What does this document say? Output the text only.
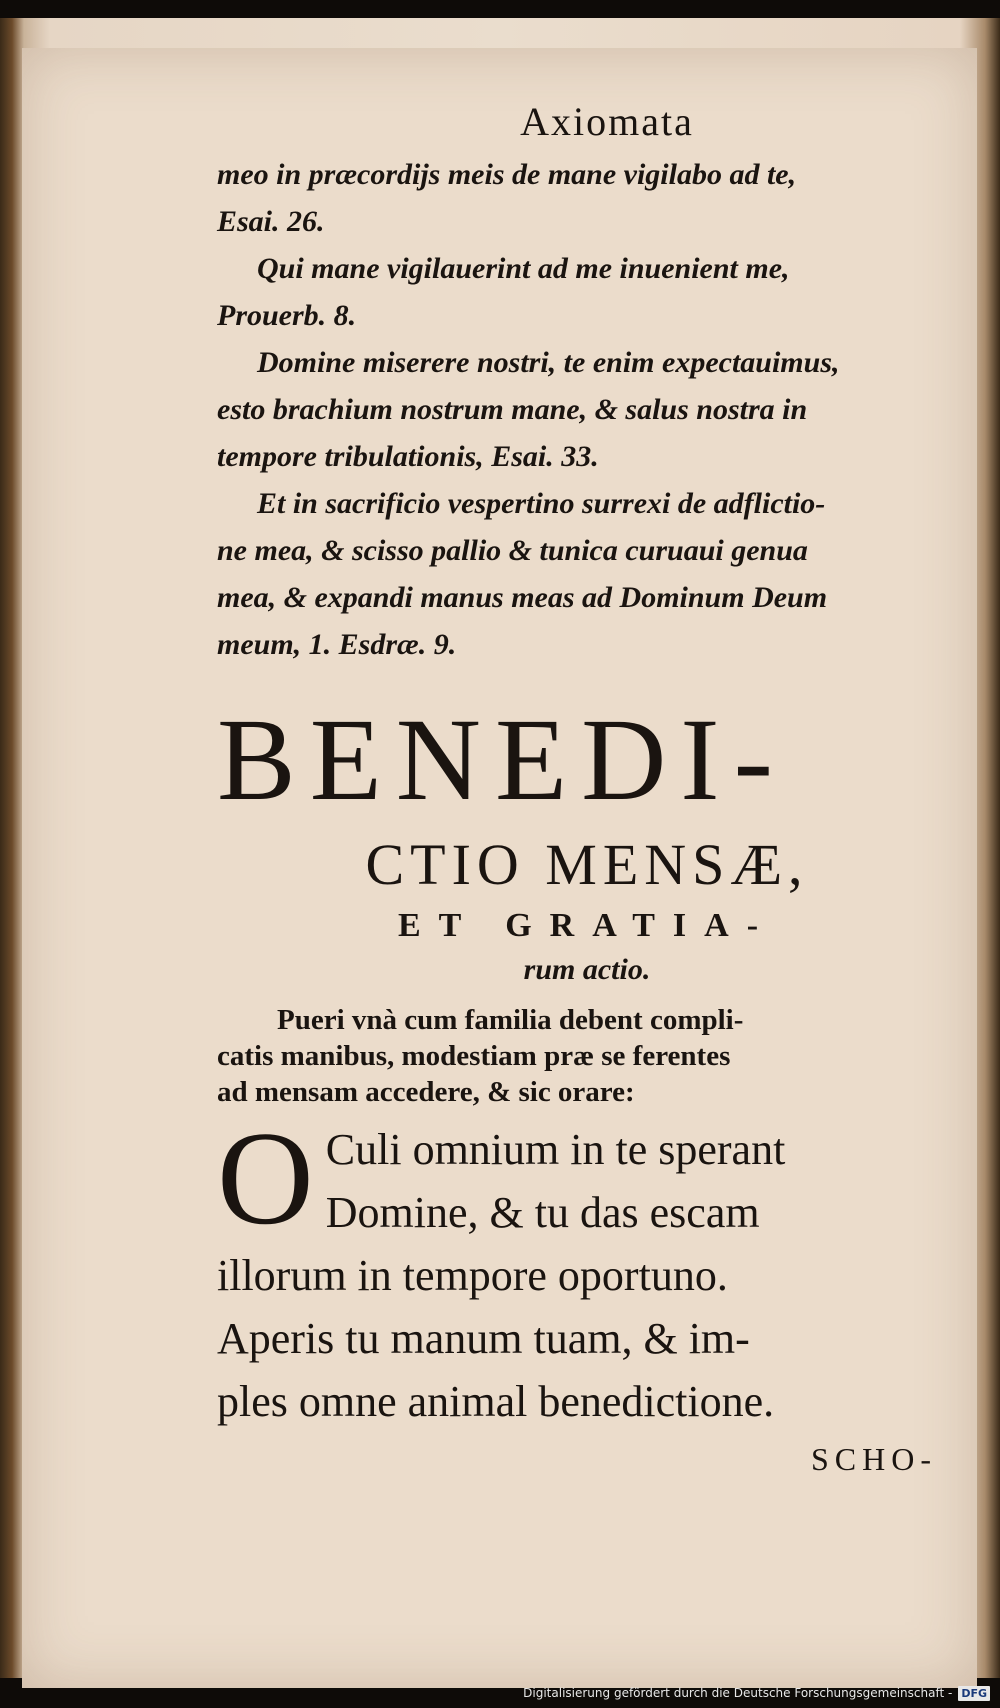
Axiomata

meo in præcordijs meis de mane vigilabo ad te,

Esai. 26.

Qui mane vigilauerint ad me inuenient me,

Prouerb. 8.

Domine miserere nostri, te enim expectauimus,

esto brachium nostrum mane, & salus nostra in

tempore tribulationis, Esai. 33.

Et in sacrificio vespertino surrexi de adflictio-

ne mea, & scisso pallio & tunica curuaui genua

mea, & expandi manus meas ad Dominum Deum

meum, 1. Esdræ. 9.

BENEDI-
CTIO MENSÆ,
ET GRATIA-
rum actio.

Pueri vnà cum familia debent compli-

catis manibus, modestiam præ se ferentes

ad mensam accedere, & sic orare:

O Culi omnium in te sperant
Domine, & tu das escam
illorum in tempore oportuno.
Aperis tu manum tuam, & im-
ples omne animal benedictione.
SCHO-
Digitalisierung gefördert durch die Deutsche Forschungsgemeinschaft - DFG
